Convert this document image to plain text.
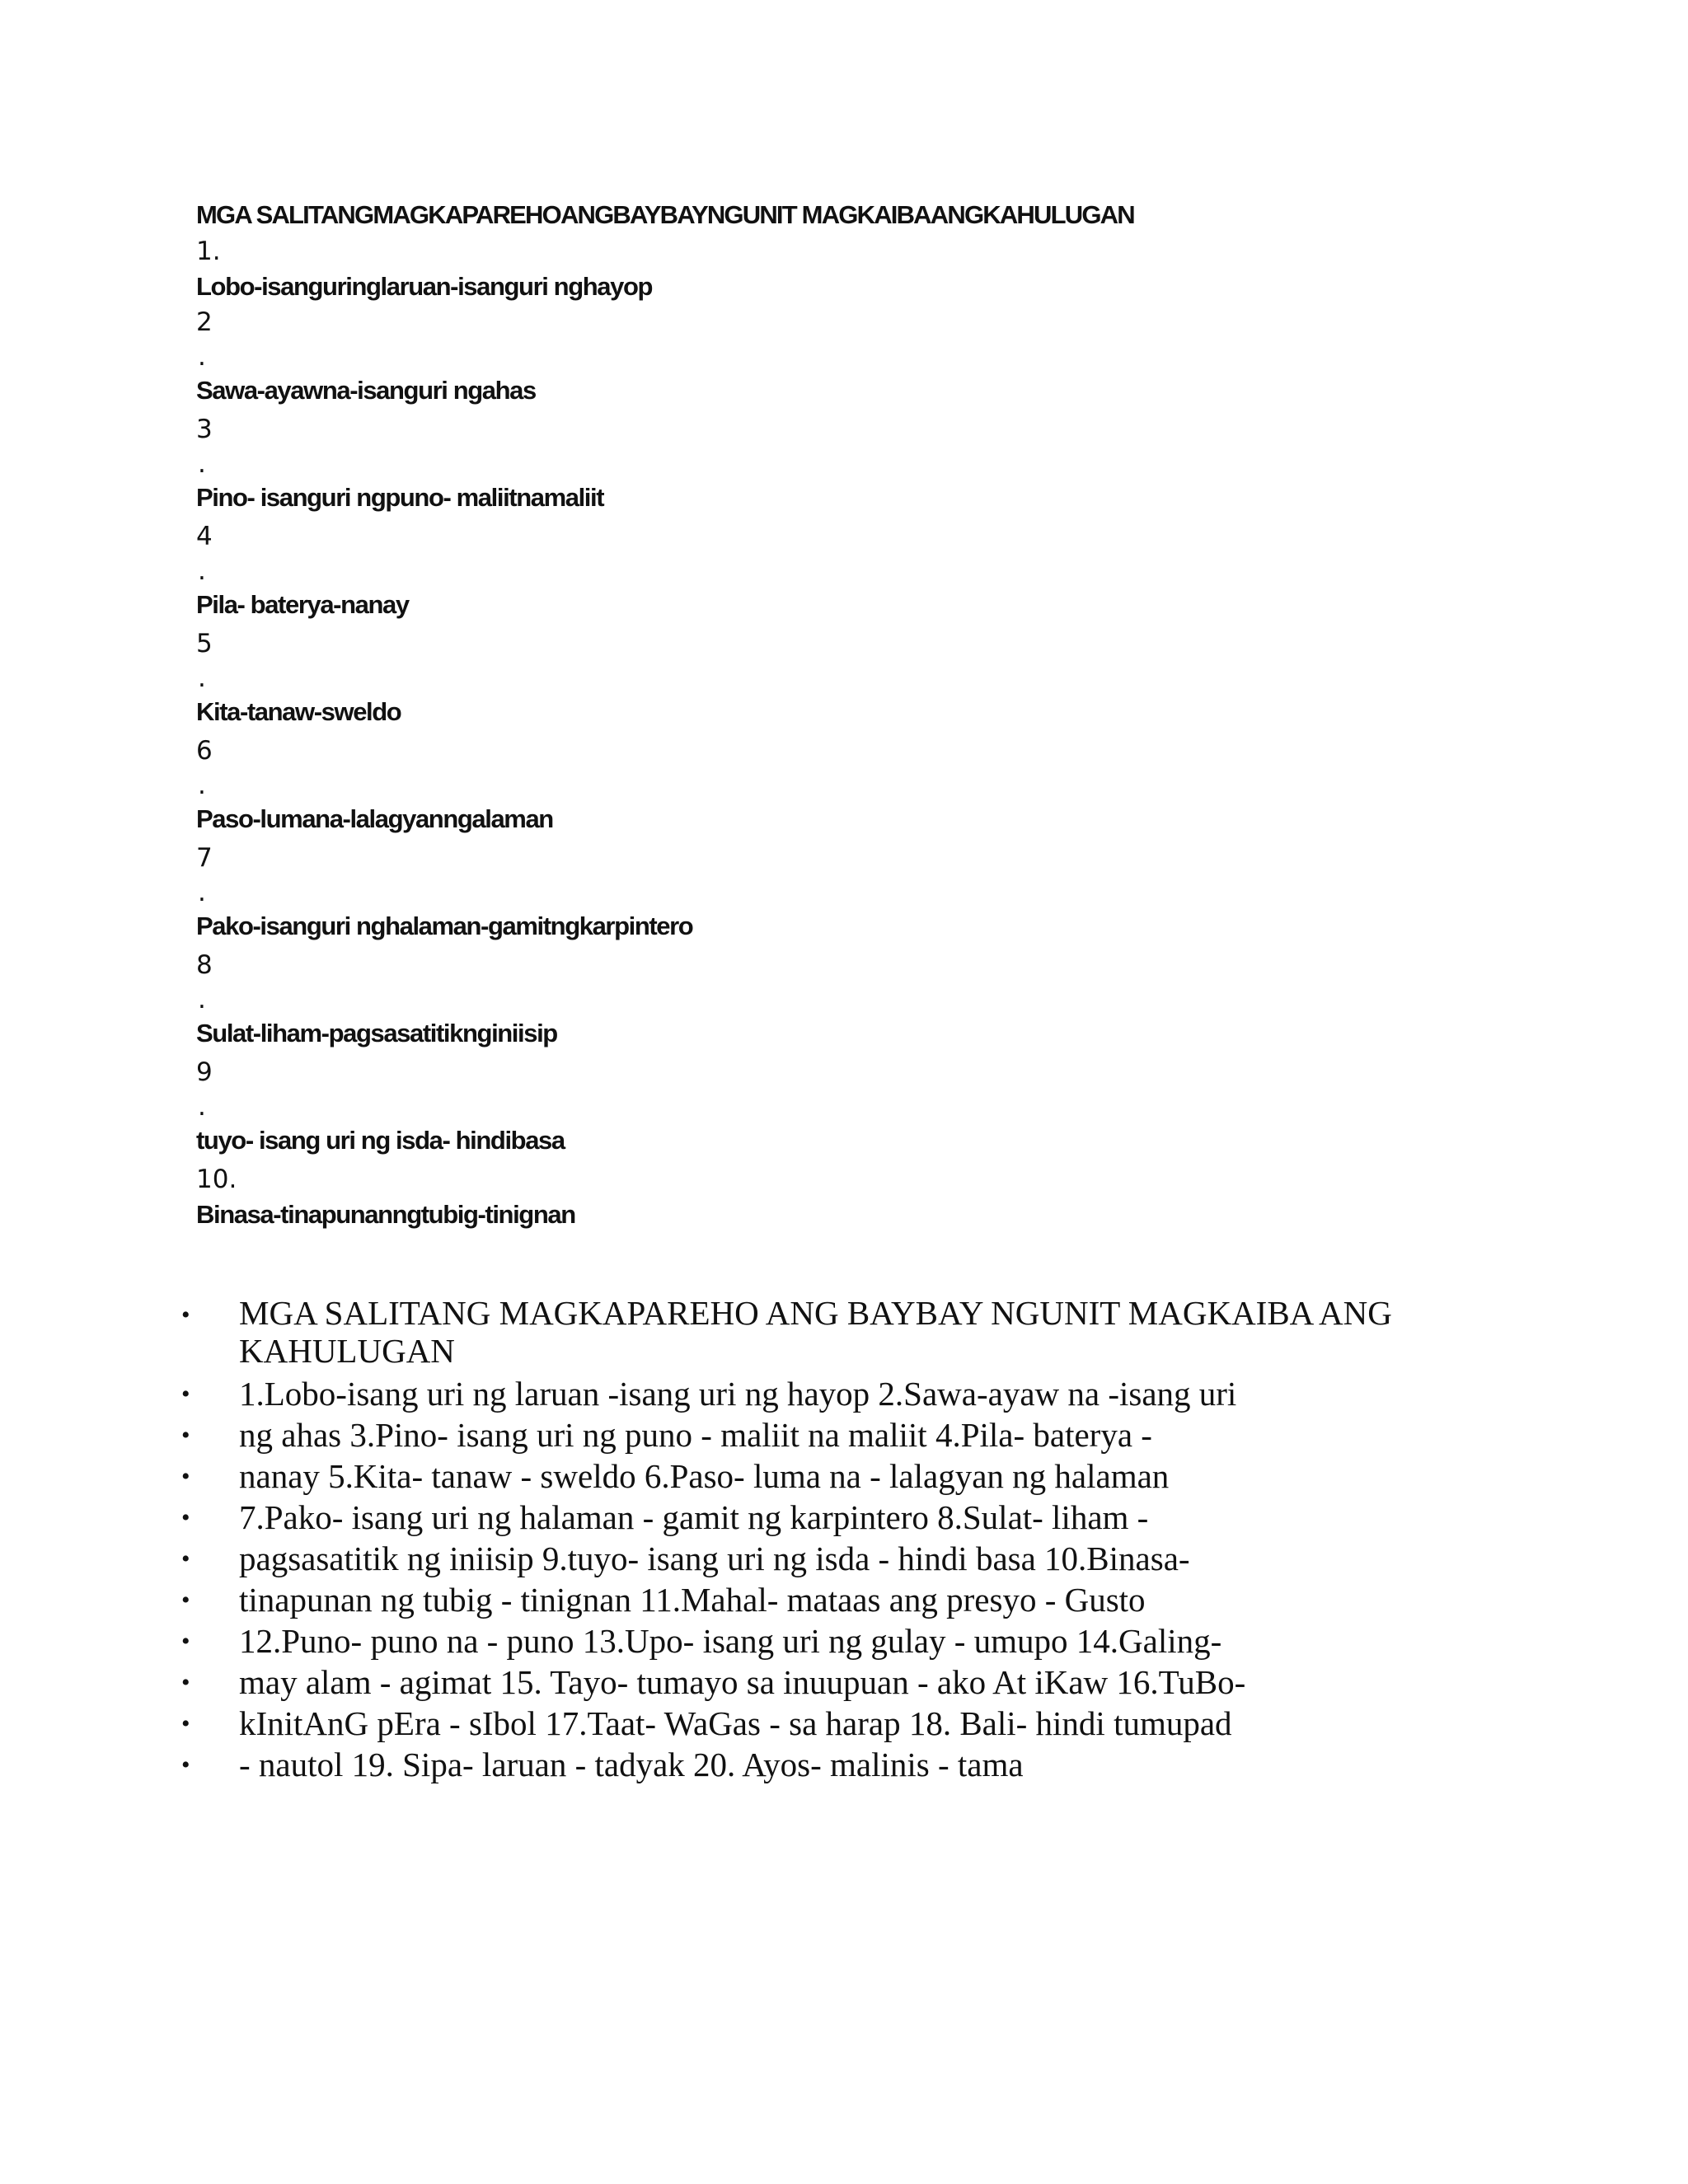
MGA SALITANGMAGKAPAREHOANGBAYBAYNGUNIT MAGKAIBAANGKAHULUGAN
1.
Lobo-isanguringlaruan-isanguri nghayop
2
.
Sawa-ayawna-isanguri ngahas
3
.
Pino- isanguri ngpuno- maliitnamaliit
4
.
Pila- baterya-nanay
5
.
Kita-tanaw-sweldo
6
.
Paso-lumana-lalagyanngalaman
7
.
Pako-isanguri nghalaman-gamitngkarpintero
8
.
Sulat-liham-pagsasatitiknginiisip
9
.
tuyo- isang uri ng isda- hindibasa
10.
Binasa-tinapunanngtubig-tinignan
• MGA SALITANG MAGKAPAREHO ANG BAYBAY NGUNIT MAGKAIBA ANG KAHULUGAN
• 1.Lobo-isang uri ng laruan -isang uri ng hayop 2.Sawa-ayaw na -isang uri
• ng ahas 3.Pino- isang uri ng puno - maliit na maliit 4.Pila- baterya -
• nanay 5.Kita- tanaw - sweldo 6.Paso- luma na - lalagyan ng halaman
• 7.Pako- isang uri ng halaman - gamit ng karpintero 8.Sulat- liham -
• pagsasatitik ng iniisip 9.tuyo- isang uri ng isda - hindi basa 10.Binasa-
• tinapunan ng tubig - tinignan 11.Mahal- mataas ang presyo - Gusto
• 12.Puno- puno na - puno 13.Upo- isang uri ng gulay - umupo 14.Galing-
• may alam - agimat 15. Tayo- tumayo sa inuupuan - ako At iKaw 16.TuBo-
• kInitAnG pEra - sIbol 17.Taat- WaGas - sa harap 18. Bali- hindi tumupad
• - nautol 19. Sipa- laruan - tadyak 20. Ayos- malinis - tama
